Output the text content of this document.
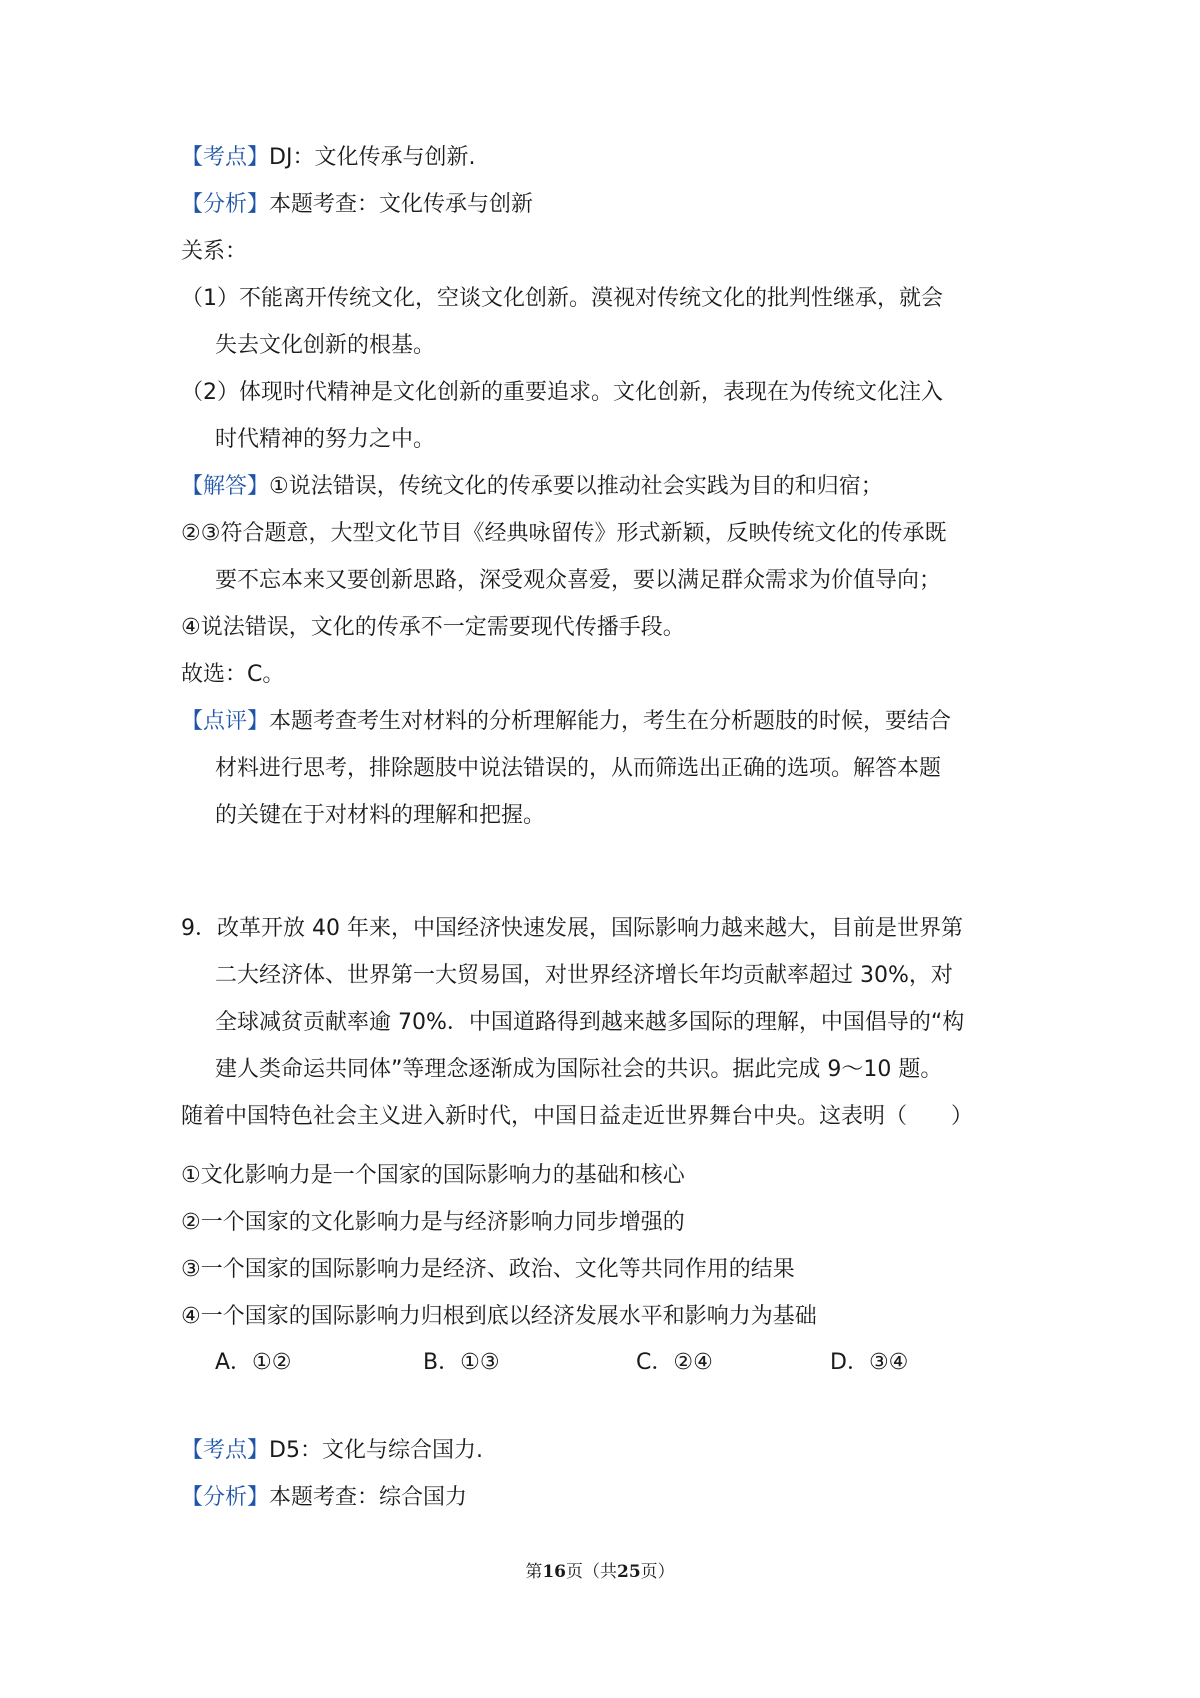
【考点】DJ：文化传承与创新.
【分析】本题考查：文化传承与创新
关系：
（1）不能离开传统文化，空谈文化创新。漠视对传统文化的批判性继承，就会
失去文化创新的根基。
（2）体现时代精神是文化创新的重要追求。文化创新，表现在为传统文化注入
时代精神的努力之中。
【解答】①说法错误，传统文化的传承要以推动社会实践为目的和归宿；
②③符合题意，大型文化节目《经典咏留传》形式新颖，反映传统文化的传承既
要不忘本来又要创新思路，深受观众喜爱，要以满足群众需求为价值导向；
④说法错误，文化的传承不一定需要现代传播手段。
故选：C。
【点评】本题考查考生对材料的分析理解能力，考生在分析题肢的时候，要结合
材料进行思考，排除题肢中说法错误的，从而筛选出正确的选项。解答本题
的关键在于对材料的理解和把握。
9．改革开放 40 年来，中国经济快速发展，国际影响力越来越大，目前是世界第
二大经济体、世界第一大贸易国，对世界经济增长年均贡献率超过 30%，对
全球减贫贡献率逾 70%．中国道路得到越来越多国际的理解，中国倡导的“构
建人类命运共同体”等理念逐渐成为国际社会的共识。据此完成 9～10 题。
随着中国特色社会主义进入新时代，中国日益走近世界舞台中央。这表明（　　）
①文化影响力是一个国家的国际影响力的基础和核心
②一个国家的文化影响力是与经济影响力同步增强的
③一个国家的国际影响力是经济、政治、文化等共同作用的结果
④一个国家的国际影响力归根到底以经济发展水平和影响力为基础
A．①②	B．①③	C．②④	D．③④
【考点】D5：文化与综合国力.
【分析】本题考查：综合国力
第16页（共25页）
